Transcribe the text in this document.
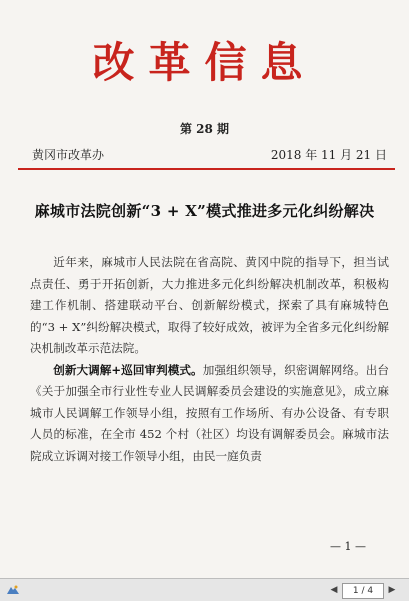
改革信息
第 28 期
黄冈市改革办	2018 年 11 月 21 日
麻城市法院创新“3 + X”模式推进多元化纠纷解决

近年来，麻城市人民法院在省高院、黄冈中院的指导下，担当试点责任、勇于开拓创新，大力推进多元化纠纷解决机制改革，积极构建工作机制、搭建联动平台、创新解纷模式，探索了具有麻城特色的“3 + X”纠纷解决模式，取得了较好成效，被评为全省多元化纠纷解决机制改革示范法院。

创新大调解+巡回审判模式。加强组织领导，织密调解网络。出台《关于加强全市行业性专业人民调解委员会建设的实施意见》，成立麻城市人民调解工作领导小组，按照有工作场所、有办公设备、有专职人员的标准，在全市 452 个村（社区）均设有调解委员会。麻城市法院成立诉调对接工作领导小组，由民一庭负责

— 1 —
◀	1 / 4	▶
